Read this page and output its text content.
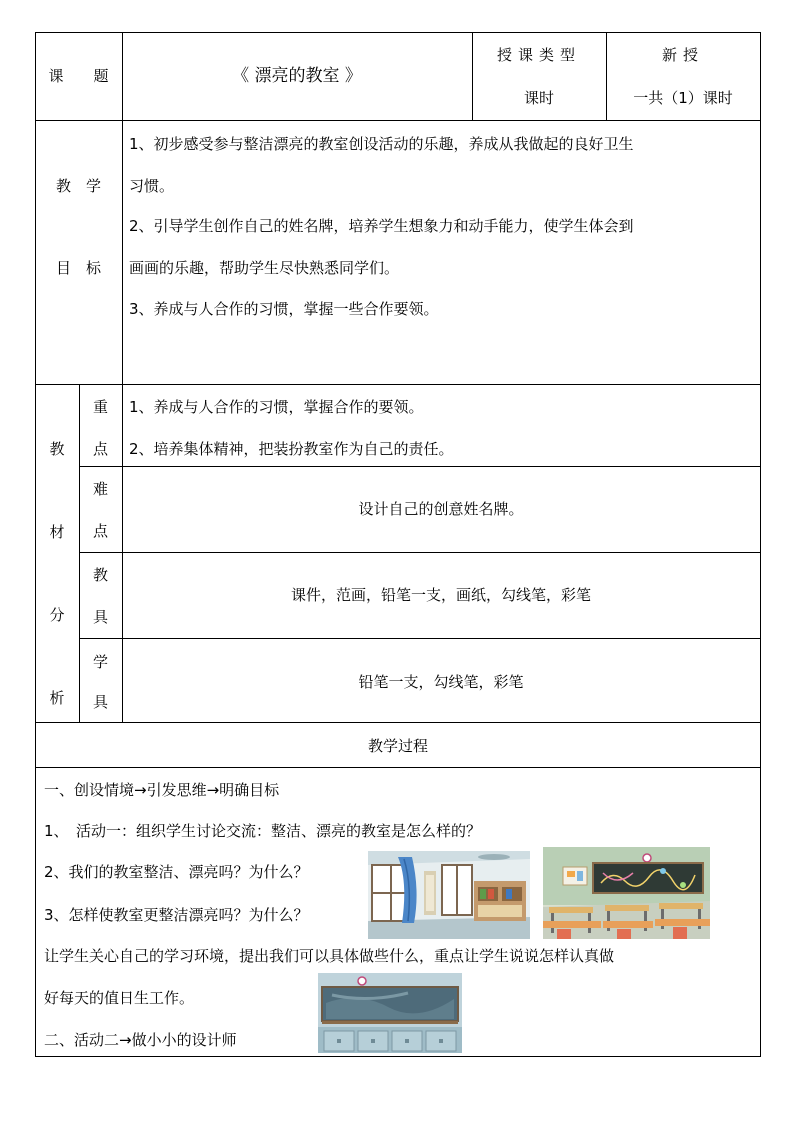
课　　题	《 漂亮的教室 》
授课类型
课时
新授
一共（1）课时
教　学
目　标
1、初步感受参与整洁漂亮的教室创设活动的乐趣，养成从我做起的良好卫生
习惯。
2、引导学生创作自己的姓名牌，培养学生想象力和动手能力，使学生体会到
画画的乐趣，帮助学生尽快熟悉同学们。
3、养成与人合作的习惯，掌握一些合作要领。
教
材
分
析
重
点
1、养成与人合作的习惯，掌握合作的要领。
2、培养集体精神，把装扮教室作为自己的责任。
难
点
设计自己的创意姓名牌。
教
具
课件，范画，铅笔一支，画纸，勾线笔，彩笔
学
具
铅笔一支，勾线笔，彩笔
教学过程
一、创设情境→引发思维→明确目标
1、　活动一：组织学生讨论交流：整洁、漂亮的教室是怎么样的？
2、我们的教室整洁、漂亮吗？为什么？
3、怎样使教室更整洁漂亮吗？为什么？
让学生关心自己的学习环境，提出我们可以具体做些什么，重点让学生说说怎样认真做
好每天的值日生工作。
二、活动二→做小小的设计师
